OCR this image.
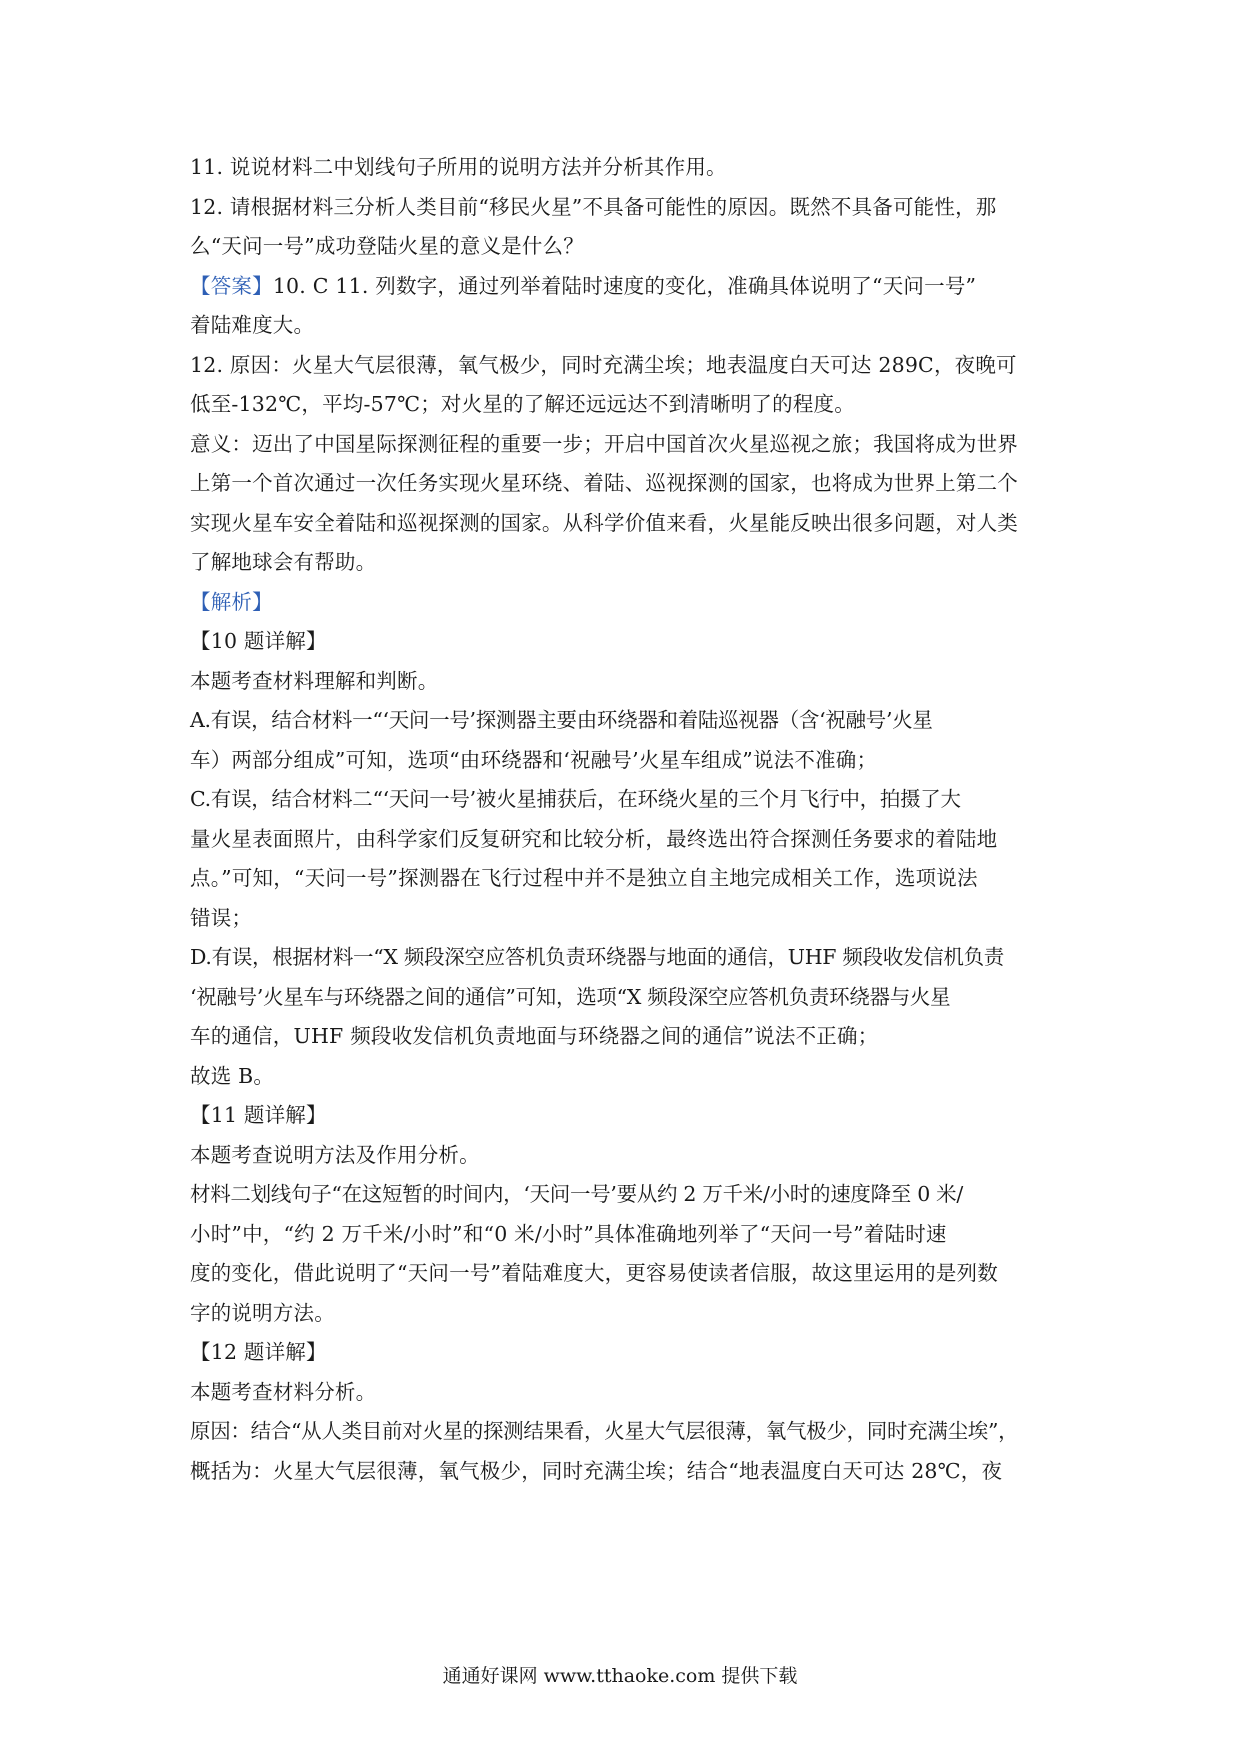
11. 说说材料二中划线句子所用的说明方法并分析其作用。
12. 请根据材料三分析人类目前“移民火星”不具备可能性的原因。既然不具备可能性，那
么“天问一号”成功登陆火星的意义是什么？
【答案】10. C 11. 列数字，通过列举着陆时速度的变化，准确具体说明了“天问一号”
着陆难度大。
12. 原因：火星大气层很薄，氧气极少，同时充满尘埃；地表温度白天可达 289C，夜晚可
低至-132℃，平均-57℃；对火星的了解还远远达不到清晰明了的程度。
意义：迈出了中国星际探测征程的重要一步；开启中国首次火星巡视之旅；我国将成为世界
上第一个首次通过一次任务实现火星环绕、着陆、巡视探测的国家，也将成为世界上第二个
实现火星车安全着陆和巡视探测的国家。从科学价值来看，火星能反映出很多问题，对人类
了解地球会有帮助。
【解析】
【10 题详解】
本题考查材料理解和判断。
A.有误，结合材料一“‘天问一号’探测器主要由环绕器和着陆巡视器（含‘祝融号’火星
车）两部分组成”可知，选项“由环绕器和‘祝融号’火星车组成”说法不准确；
C.有误，结合材料二“‘天问一号’被火星捕获后，在环绕火星的三个月飞行中，拍摄了大
量火星表面照片，由科学家们反复研究和比较分析，最终选出符合探测任务要求的着陆地
点。”可知，“天问一号”探测器在飞行过程中并不是独立自主地完成相关工作，选项说法
错误；
D.有误，根据材料一“X 频段深空应答机负责环绕器与地面的通信，UHF 频段收发信机负责
‘祝融号’火星车与环绕器之间的通信”可知，选项“X 频段深空应答机负责环绕器与火星
车的通信，UHF 频段收发信机负责地面与环绕器之间的通信”说法不正确；
故选 B。
【11 题详解】
本题考查说明方法及作用分析。
材料二划线句子“在这短暂的时间内，‘天问一号’要从约 2 万千米/小时的速度降至 0 米/
小时”中，“约 2 万千米/小时”和“0 米/小时”具体准确地列举了“天问一号”着陆时速
度的变化，借此说明了“天问一号”着陆难度大，更容易使读者信服，故这里运用的是列数
字的说明方法。
【12 题详解】
本题考查材料分析。
原因：结合“从人类目前对火星的探测结果看，火星大气层很薄，氧气极少，同时充满尘埃”，
概括为：火星大气层很薄，氧气极少，同时充满尘埃；结合“地表温度白天可达 28℃，夜
通通好课网 www.tthaoke.com 提供下载
